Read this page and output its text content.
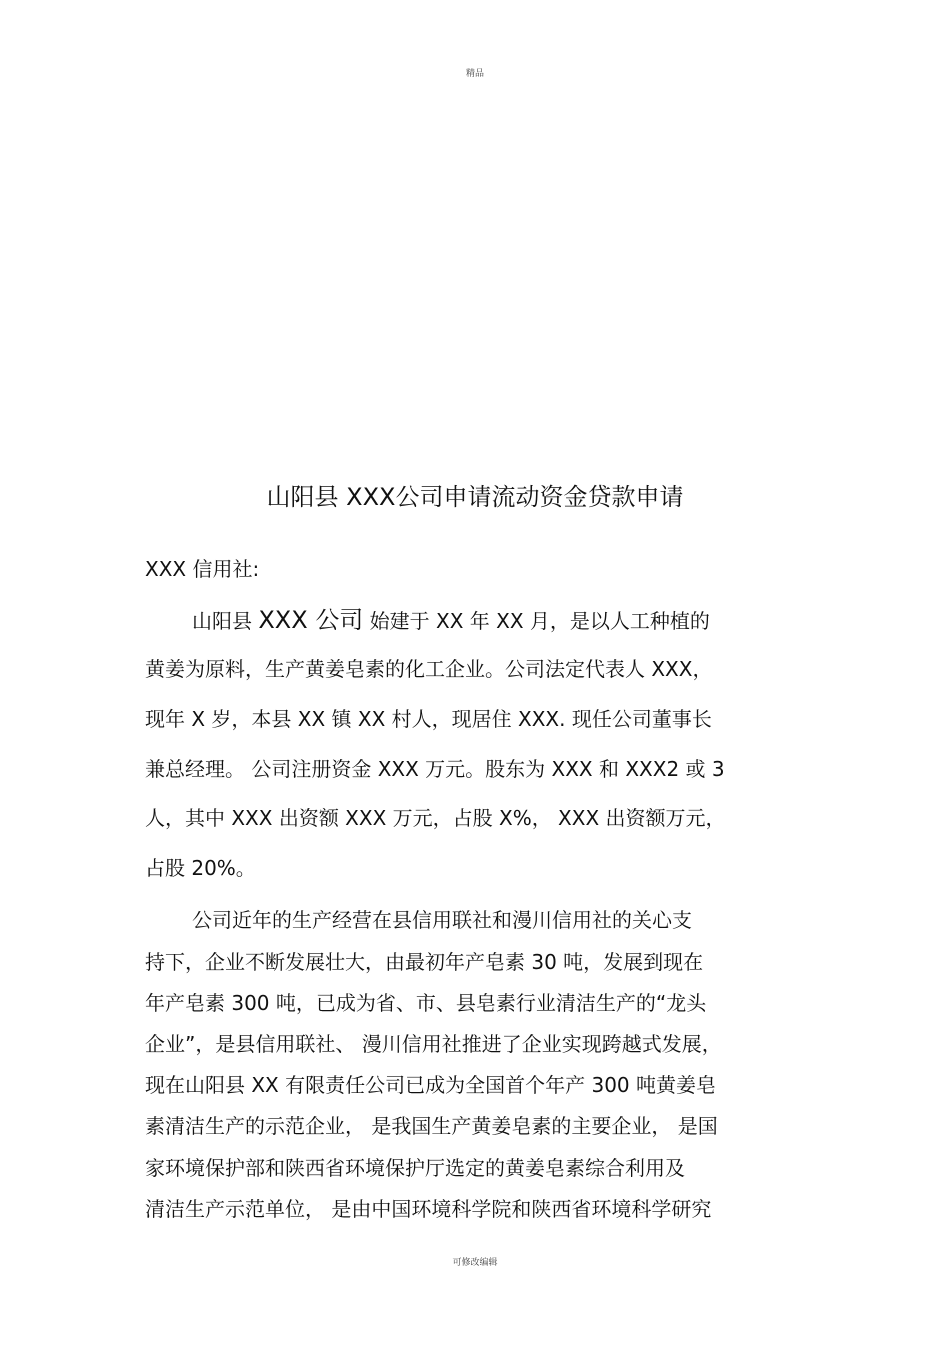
精品
山阳县 XXX公司申请流动资金贷款申请
XXX 信用社:
山阳县 XXX 公司 始建于 XX 年 XX 月，是以人工种植的
黄姜为原料，生产黄姜皂素的化工企业。公司法定代表人 XXX，
现年 X 岁，本县 XX 镇 XX 村人，现居住 XXX. 现任公司董事长
兼总经理。 公司注册资金 XXX 万元。股东为 XXX 和 XXX2 或 3
人，其中 XXX 出资额 XXX 万元，占股 X%， XXX 出资额万元，
占股 20%。
公司近年的生产经营在县信用联社和漫川信用社的关心支
持下，企业不断发展壮大，由最初年产皂素 30 吨，发展到现在
年产皂素 300 吨，已成为省、市、县皂素行业清洁生产的“龙头
企业”，是县信用联社、 漫川信用社推进了企业实现跨越式发展，
现在山阳县 XX 有限责任公司已成为全国首个年产 300 吨黄姜皂
素清洁生产的示范企业， 是我国生产黄姜皂素的主要企业， 是国
家环境保护部和陕西省环境保护厅选定的黄姜皂素综合利用及
清洁生产示范单位， 是由中国环境科学院和陕西省环境科学研究
可修改编辑
